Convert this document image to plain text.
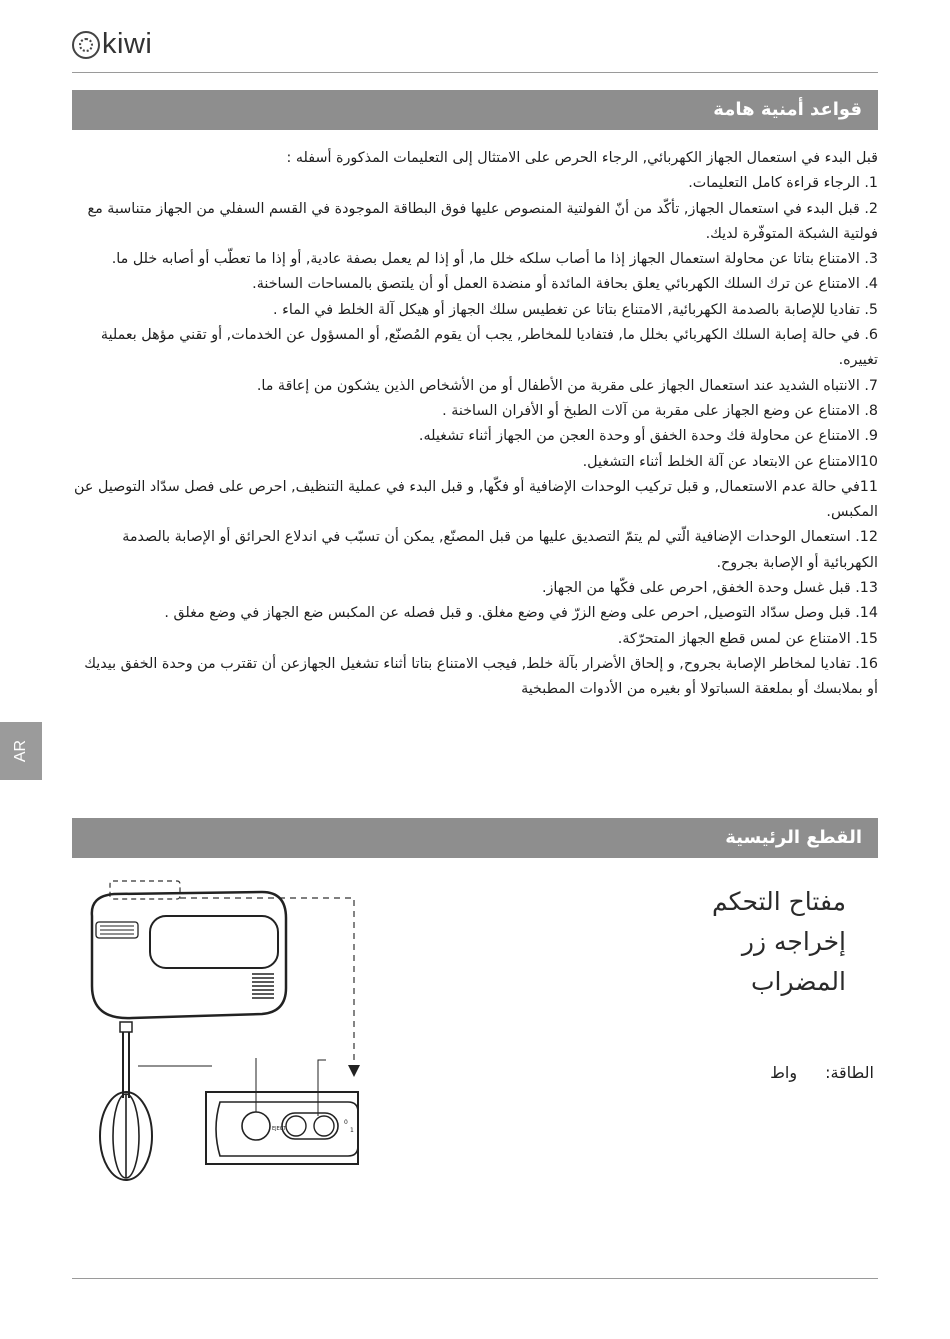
kiwi
قواعد أمنية هامة

قبل البدء في استعمال الجهاز الكهربائي, الرجاء الحرص على الامتثال إلى التعليمات المذكورة أسفله :

1. الرجاء قراءة كامل التعليمات.

2. قبل البدء في استعمال الجهاز, تأكّد من أنّ الفولتية المنصوص عليها فوق البطاقة الموجودة في القسم السفلي من الجهاز متناسبة مع فولتية الشبكة المتوفّرة لديك.

3. الامتناع بتاتا عن محاولة استعمال الجهاز إذا ما أصاب سلكه خلل ما, أو إذا لم يعمل بصفة عادية, أو إذا ما تعطّب أو أصابه خلل ما.

4. الامتناع عن ترك السلك الكهربائي يعلق بحافة المائدة أو منضدة العمل أو أن يلتصق بالمساحات الساخنة.

5. تفاديا للإصابة بالصدمة الكهربائية, الامتناع بتاتا عن تغطيس سلك الجهاز أو هيكل آلة الخلط في الماء .

6. في حالة إصابة السلك الكهربائي بخلل ما, فتفاديا للمخاطر, يجب أن يقوم المُصنّع, أو المسؤول عن الخدمات, أو تقني مؤهل بعملية تغييره.

7. الانتباه الشديد عند استعمال الجهاز على مقربة من الأطفال أو من الأشخاص الذين يشكون من إعاقة ما.

8. الامتناع عن وضع الجهاز على مقربة من آلات الطبخ أو الأفران الساخنة .

9. الامتناع عن محاولة فك وحدة الخفق أو وحدة العجن من الجهاز أثناء تشغيله.

10الامتناع عن الابتعاد عن آلة الخلط أثناء التشغيل.

11في حالة عدم الاستعمال, و قبل تركيب الوحدات الإضافية أو فكّها, و قبل البدء في عملية التنظيف, احرص على فصل سدّاد التوصيل عن المكبس.

12. استعمال الوحدات الإضافية الّتي لم يتمّ التصديق عليها من قبل المصنّع, يمكن أن تسبّب في اندلاع الحرائق أو الإصابة بالصدمة الكهربائية أو الإصابة بجروح.

13. قبل غسل وحدة الخفق, احرص على فكّها من الجهاز.

14. قبل وصل سدّاد التوصيل, احرص على وضع الزرّ في وضع مغلق. و قبل فصله عن المكبس ضع الجهاز في وضع مغلق .

15. الامتناع عن لمس قطع الجهاز المتحرّكة.

16. تفاديا لمخاطر الإصابة بجروح, و إلحاق الأضرار بآلة خلط, فيجب الامتناع بتاتا أثناء تشغيل الجهازعن أن تقترب من وحدة الخفق بيديك أو بملابسك أو بملعقة السباتولا أو بغيره من الأدوات المطبخية

AR
القطع الرئيسية
EJECT
0
1
مفتاح التحكم
إخراجه زر
المضراب
الطاقة:
واط
